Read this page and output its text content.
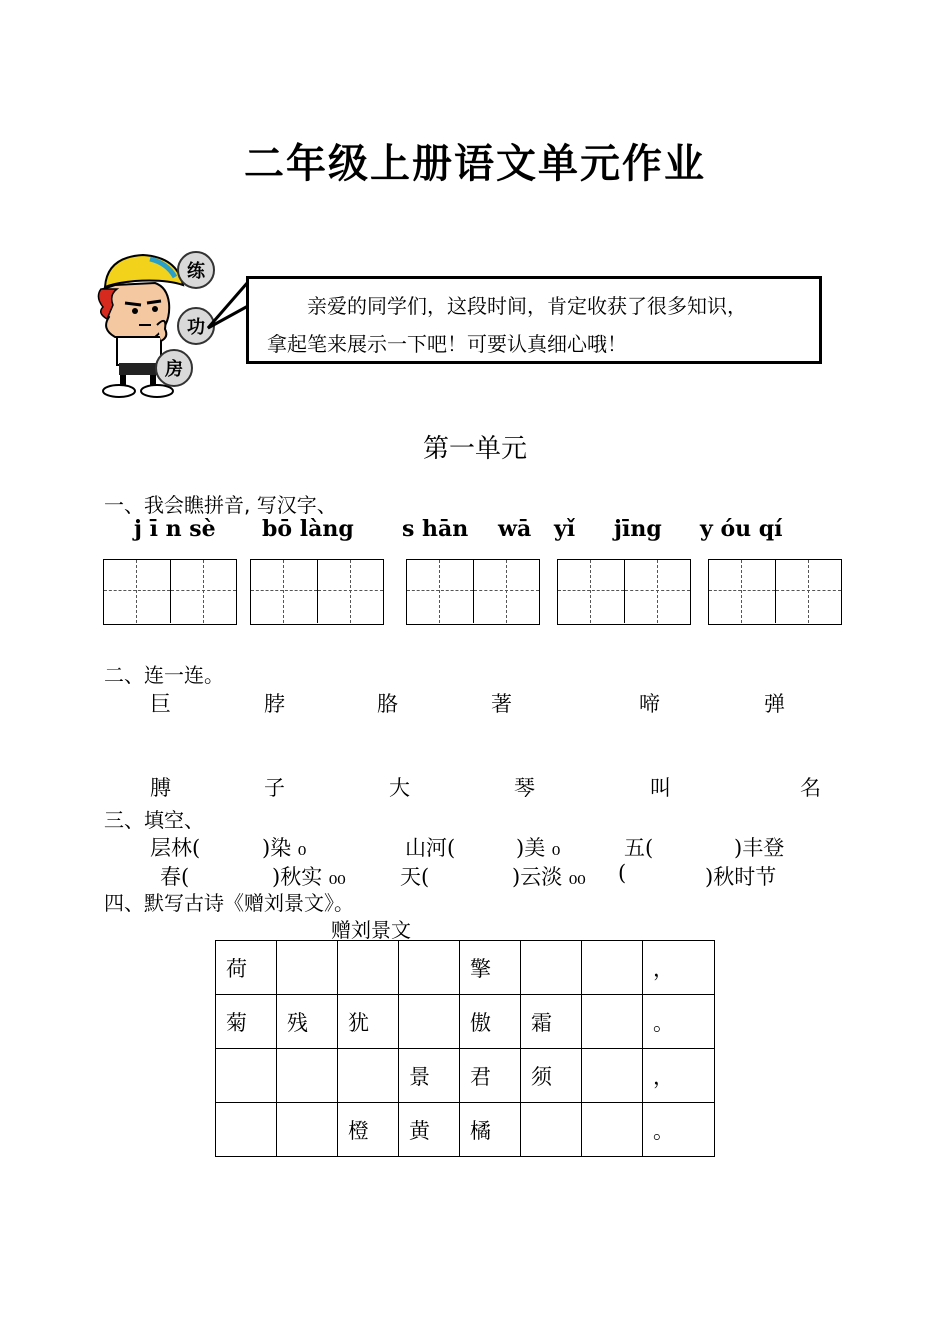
二年级上册语文单元作业
练
功
房
亲爱的同学们，这段时间，肯定收获了很多知识，
拿起笔来展示一下吧！可要认真细心哦！
第一单元
一、我会瞧拼音, 写汉字、
j ī n sè bō làng s hān wā yǐ jīng y óu qí
二、连一连。
巨	脖	胳	著	啼	弹
膊	子	大	琴	叫	名
三、填空、
层林(	)染 ₀	山河(	)美 ₀	五(	)丰登
春(	)秋实 ₀₀	天(	)云淡 ₀₀ (	)秋时节
四、默写古诗《赠刘景文》。
赠刘景文
荷				擎			，
菊	残	犹		傲	霜		。
			景	君	须		，
		橙	黄	橘			。
